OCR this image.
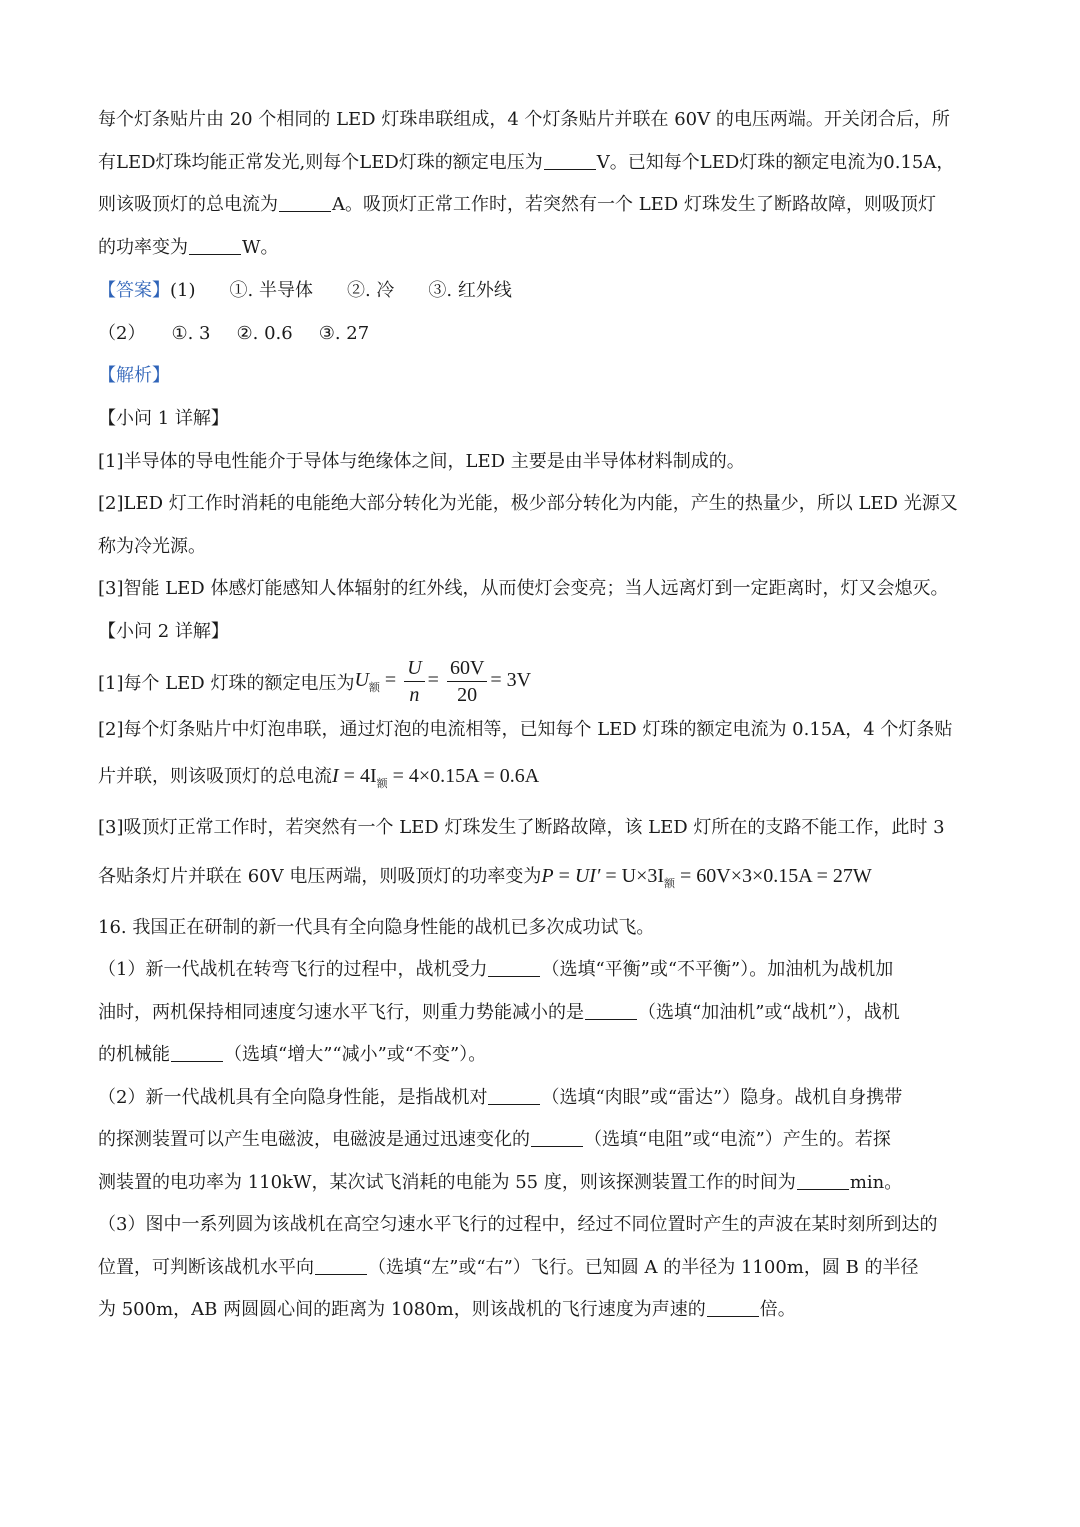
每个灯条贴片由 20 个相同的 LED 灯珠串联组成，4 个灯条贴片并联在 60V 的电压两端。开关闭合后，所
有LED灯珠均能正常发光,则每个LED灯珠的额定电压为	V。已知每个LED灯珠的额定电流为0.15A，
则该吸顶灯的总电流为	A。吸顶灯正常工作时，若突然有一个 LED 灯珠发生了断路故障，则吸顶灯
的功率变为	W。
【答案】(1) ①. 半导体 ②. 冷 ③. 红外线
（2） ①. 3 ②. 0.6 ③. 27
【解析】
【小问 1 详解】
[1]半导体的导电性能介于导体与绝缘体之间，LED 主要是由半导体材料制成的。
[2]LED 灯工作时消耗的电能绝大部分转化为光能，极少部分转化为内能，产生的热量少，所以 LED 光源又
称为冷光源。
[3]智能 LED 体感灯能感知人体辐射的红外线，从而使灯会变亮；当人远离灯到一定距离时，灯又会熄灭。
【小问 2 详解】
[1]每个 LED 灯珠的额定电压为$U_额 = \frac{U}{n} = \frac{60V}{20} = 3V$
[2]每个灯条贴片中灯泡串联，通过灯泡的电流相等，已知每个 LED 灯珠的额定电流为 0.15A，4 个灯条贴
片并联，则该吸顶灯的总电流$I = 4I_额 = 4\times 0.15A = 0.6A$
[3]吸顶灯正常工作时，若突然有一个 LED 灯珠发生了断路故障，该 LED 灯所在的支路不能工作，此时 3
各贴条灯片并联在 60V 电压两端，则吸顶灯的功率变为$P = UI' = U\times 3I_额 = 60V\times 3\times 0.15A = 27W$
16. 我国正在研制的新一代具有全向隐身性能的战机已多次成功试飞。
（1）新一代战机在转弯飞行的过程中，战机受力	（选填“平衡”或“不平衡”）。加油机为战机加
油时，两机保持相同速度匀速水平飞行，则重力势能减小的是	（选填“加油机”或“战机”），战机
的机械能	（选填“增大”“减小”或“不变”）。
（2）新一代战机具有全向隐身性能，是指战机对	（选填“肉眼”或“雷达”）隐身。战机自身携带
的探测装置可以产生电磁波，电磁波是通过迅速变化的	（选填“电阻”或“电流”）产生的。若探
测装置的电功率为 110kW，某次试飞消耗的电能为 55 度，则该探测装置工作的时间为	min。
（3）图中一系列圆为该战机在高空匀速水平飞行的过程中，经过不同位置时产生的声波在某时刻所到达的
位置，可判断该战机水平向	（选填“左”或“右”）飞行。已知圆 A 的半径为 1100m，圆 B 的半径
为 500m，AB 两圆圆心间的距离为 1080m，则该战机的飞行速度为声速的	倍。
